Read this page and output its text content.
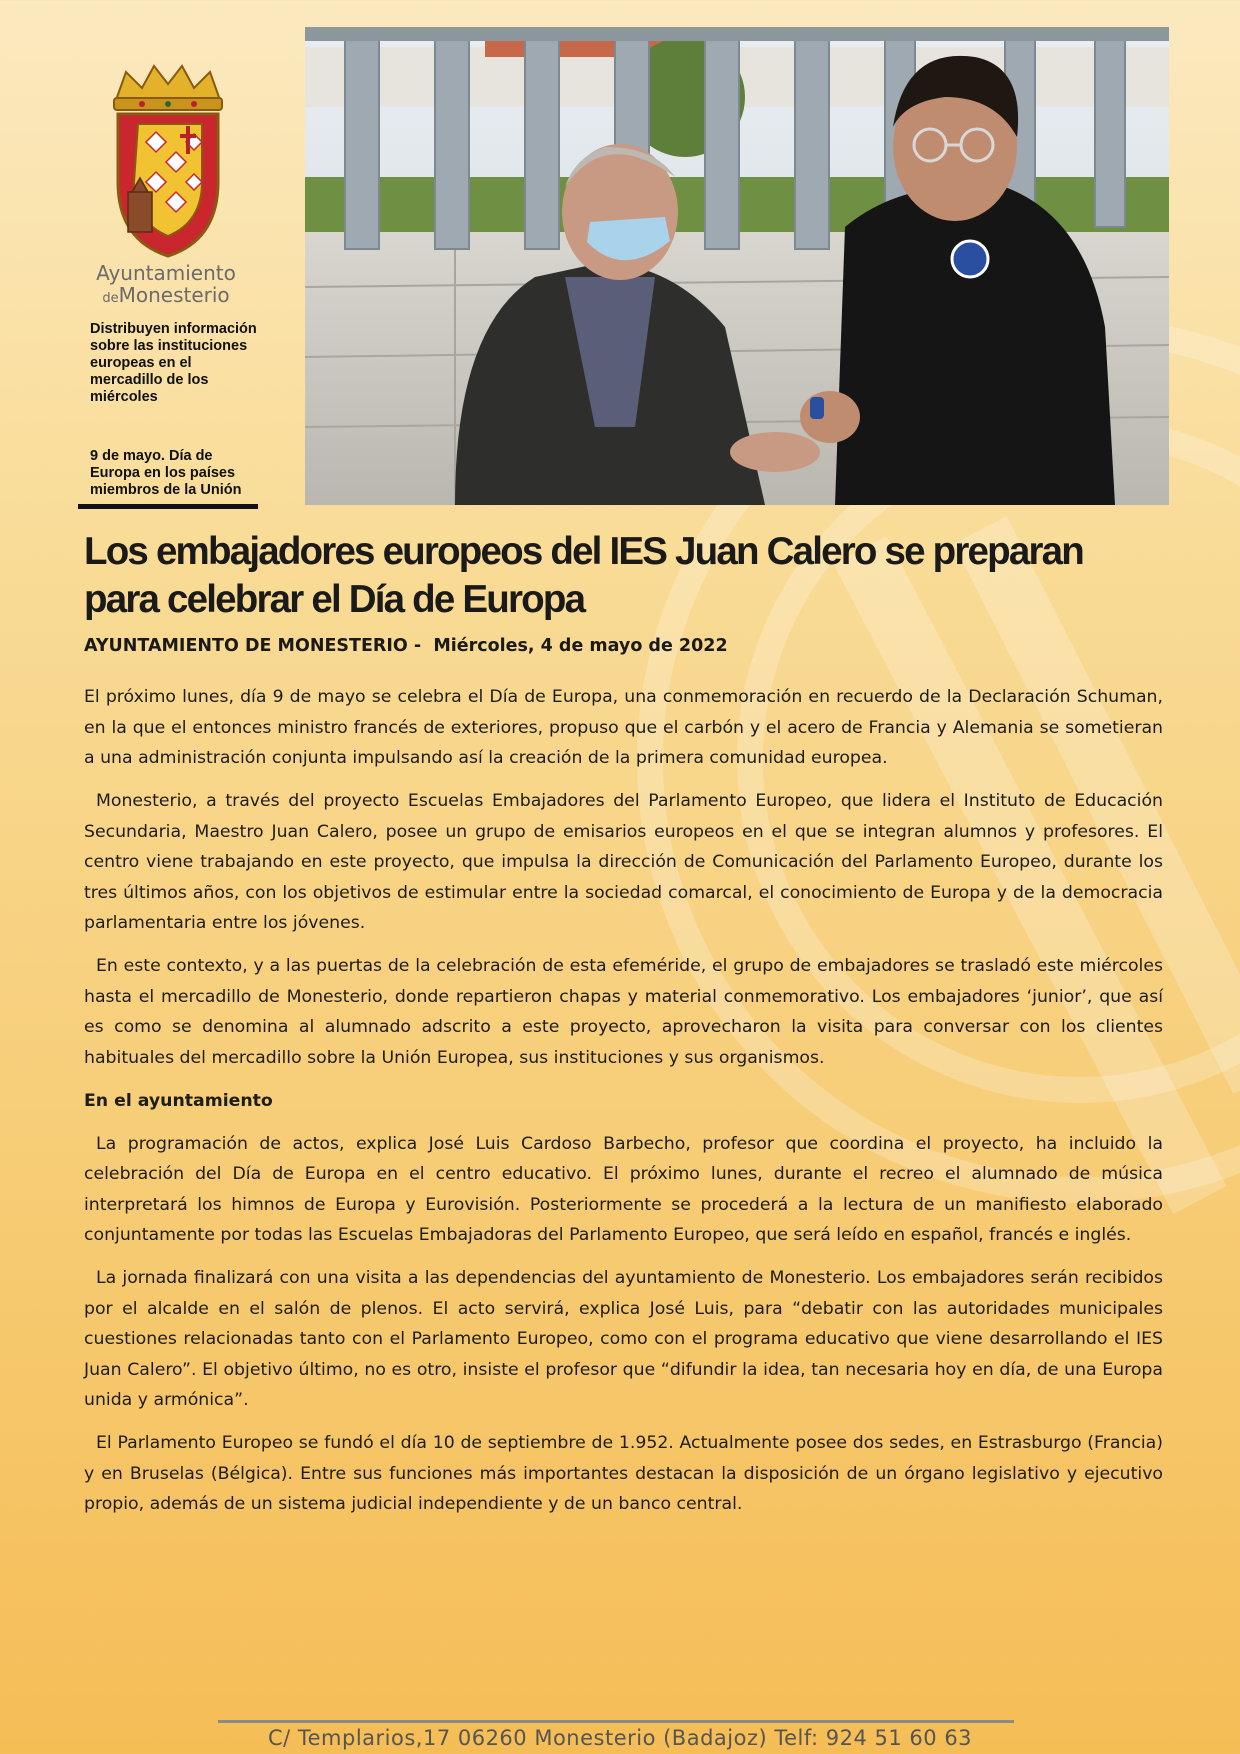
Ayuntamiento
deMonesterio
Distribuyen información sobre las instituciones europeas en el mercadillo de los miércoles
9 de mayo. Día de Europa en los países miembros de la Unión
Los embajadores europeos del IES Juan Calero se preparan para celebrar el Día de Europa
AYUNTAMIENTO DE MONESTERIO -  Miércoles, 4 de mayo de 2022

El próximo lunes, día 9 de mayo se celebra el Día de Europa, una conmemoración en recuerdo de la Declaración Schuman, en la que el entonces ministro francés de exteriores, propuso que el carbón y el acero de Francia y Alemania se sometieran a una administración conjunta impulsando así la creación de la primera comunidad europea.

Monesterio, a través del proyecto Escuelas Embajadores del Parlamento Europeo, que lidera el Instituto de Educación Secundaria, Maestro Juan Calero, posee un grupo de emisarios europeos en el que se integran alumnos y profesores. El centro viene trabajando en este proyecto, que impulsa la dirección de Comunicación del Parlamento Europeo, durante los tres últimos años, con los objetivos de estimular entre la sociedad comarcal, el conocimiento de Europa y de la democracia parlamentaria entre los jóvenes.

En este contexto, y a las puertas de la celebración de esta efeméride, el grupo de embajadores se trasladó este miércoles hasta el mercadillo de Monesterio, donde repartieron chapas y material conmemorativo. Los embajadores ‘junior’, que así es como se denomina al alumnado adscrito a este proyecto, aprovecharon la visita para conversar con los clientes habituales del mercadillo sobre la Unión Europea, sus instituciones y sus organismos.

En el ayuntamiento

La programación de actos, explica José Luis Cardoso Barbecho, profesor que coordina el proyecto, ha incluido la celebración del Día de Europa en el centro educativo. El próximo lunes, durante el recreo el alumnado de música interpretará los himnos de Europa y Eurovisión. Posteriormente se procederá a la lectura de un manifiesto elaborado conjuntamente por todas las Escuelas Embajadoras del Parlamento Europeo, que será leído en español, francés e inglés.

La jornada finalizará con una visita a las dependencias del ayuntamiento de Monesterio. Los embajadores serán recibidos por el alcalde en el salón de plenos. El acto servirá, explica José Luis, para “debatir con las autoridades municipales cuestiones relacionadas tanto con el Parlamento Europeo, como con el programa educativo que viene desarrollando el IES Juan Calero”. El objetivo último, no es otro, insiste el profesor que “difundir la idea, tan necesaria hoy en día, de una Europa unida y armónica”.

El Parlamento Europeo se fundó el día 10 de septiembre de 1.952. Actualmente posee dos sedes, en Estrasburgo (Francia) y en Bruselas (Bélgica). Entre sus funciones más importantes destacan la disposición de un órgano legislativo y ejecutivo propio, además de un sistema judicial independiente y de un banco central.

C/ Templarios,17 06260 Monesterio (Badajoz) Telf: 924 51 60 63
